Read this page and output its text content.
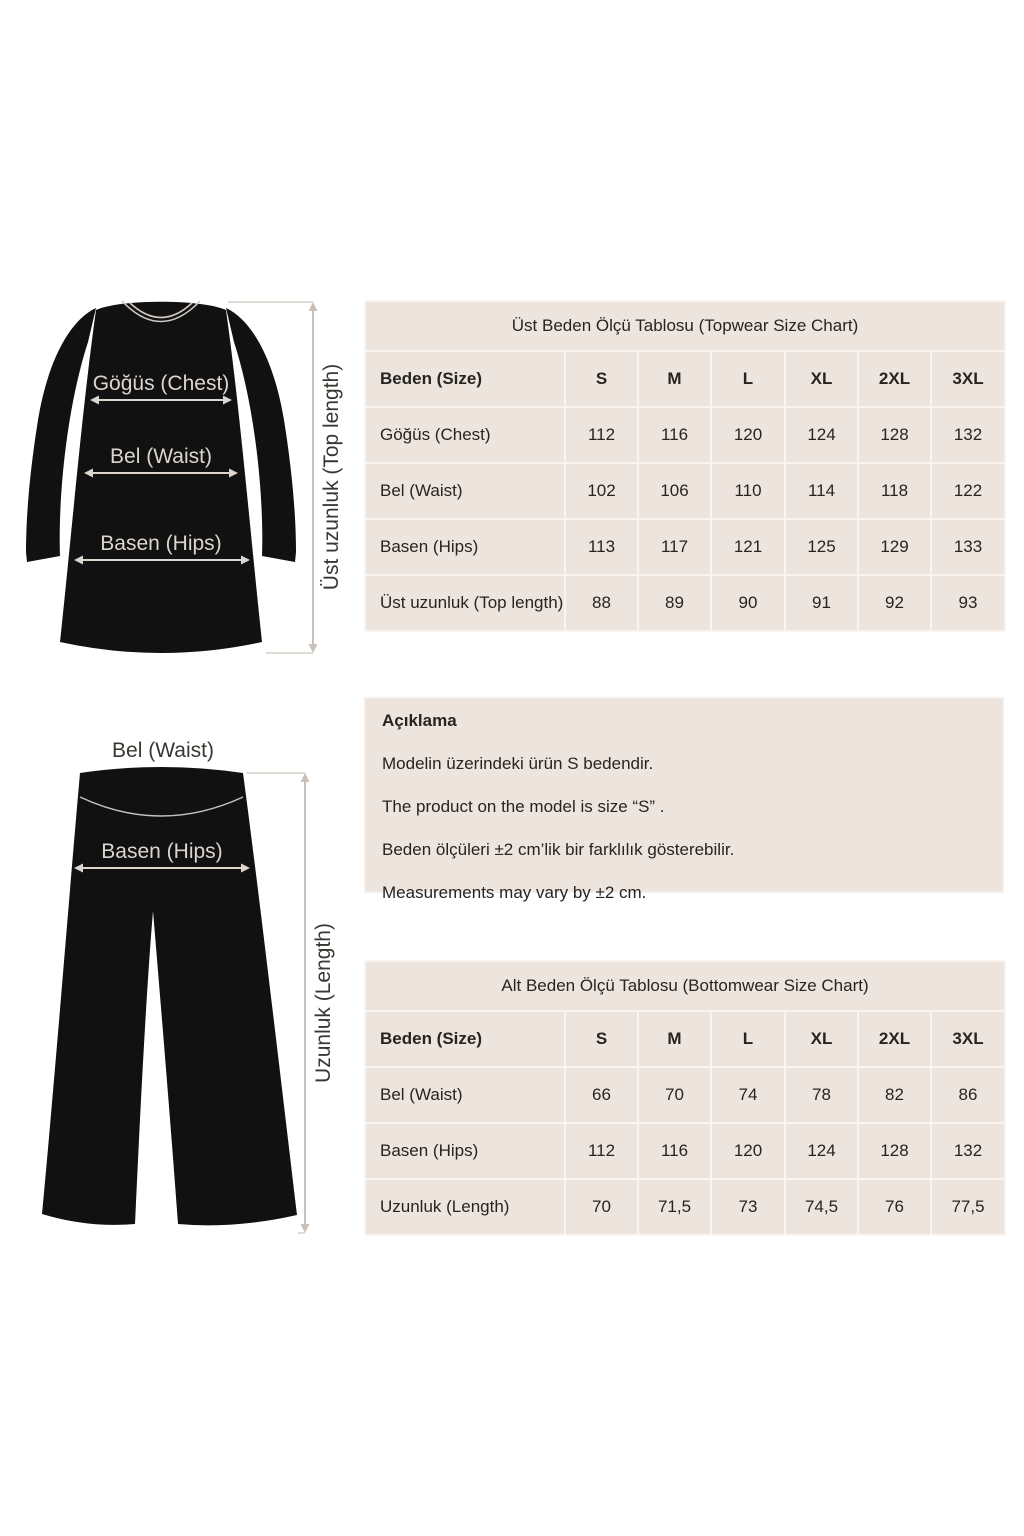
Göğüs (Chest)
Bel (Waist)
Basen (Hips)	Üst uzunluk (Top length)
Üst Beden Ölçü Tablosu (Topwear Size Chart)						
Beden (Size)	S	M	L	XL	2XL	3XL
Göğüs (Chest)	112	116	120	124	128	132
Bel (Waist)	102	106	110	114	118	122
Basen (Hips)	113	117	121	125	129	133
Üst uzunluk (Top length)	88	89	90	91	92	93
Açıklama

Modelin üzerindeki ürün S bedendir.

The product on the model is size “S” .

Beden ölçüleri ±2 cm’lik bir farklılık gösterebilir.

Measurements may vary by ±2 cm.

Bel (Waist)
Basen (Hips)
Uzunluk (Length)	Alt Beden Ölçü Tablosu (Bottomwear Size Chart)						
Beden (Size)	S	M	L	XL	2XL	3XL
Bel (Waist)	66	70	74	78	82	86
Basen (Hips)	112	116	120	124	128	132
Uzunluk (Length)	70	71,5	73	74,5	76	77,5
